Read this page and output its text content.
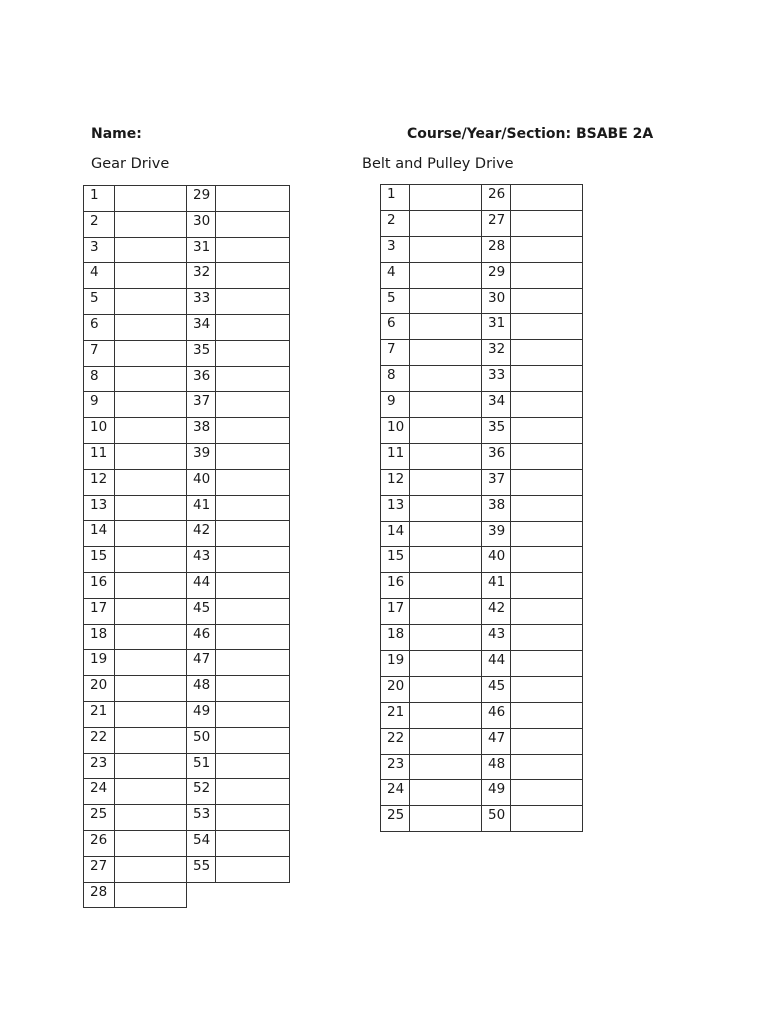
Name:	Course/Year/Section: BSABE 2A
Gear Drive	Belt and Pulley Drive
1		29	
2		30	
3		31	
4		32	
5		33	
6		34	
7		35	
8		36	
9		37	
10		38	
11		39	
12		40	
13		41	
14		42	
15		43	
16		44	
17		45	
18		46	
19		47	
20		48	
21		49	
22		50	
23		51	
24		52	
25		53	
26		54	
27		55	
28			
1		26	
2		27	
3		28	
4		29	
5		30	
6		31	
7		32	
8		33	
9		34	
10		35	
11		36	
12		37	
13		38	
14		39	
15		40	
16		41	
17		42	
18		43	
19		44	
20		45	
21		46	
22		47	
23		48	
24		49	
25		50	
